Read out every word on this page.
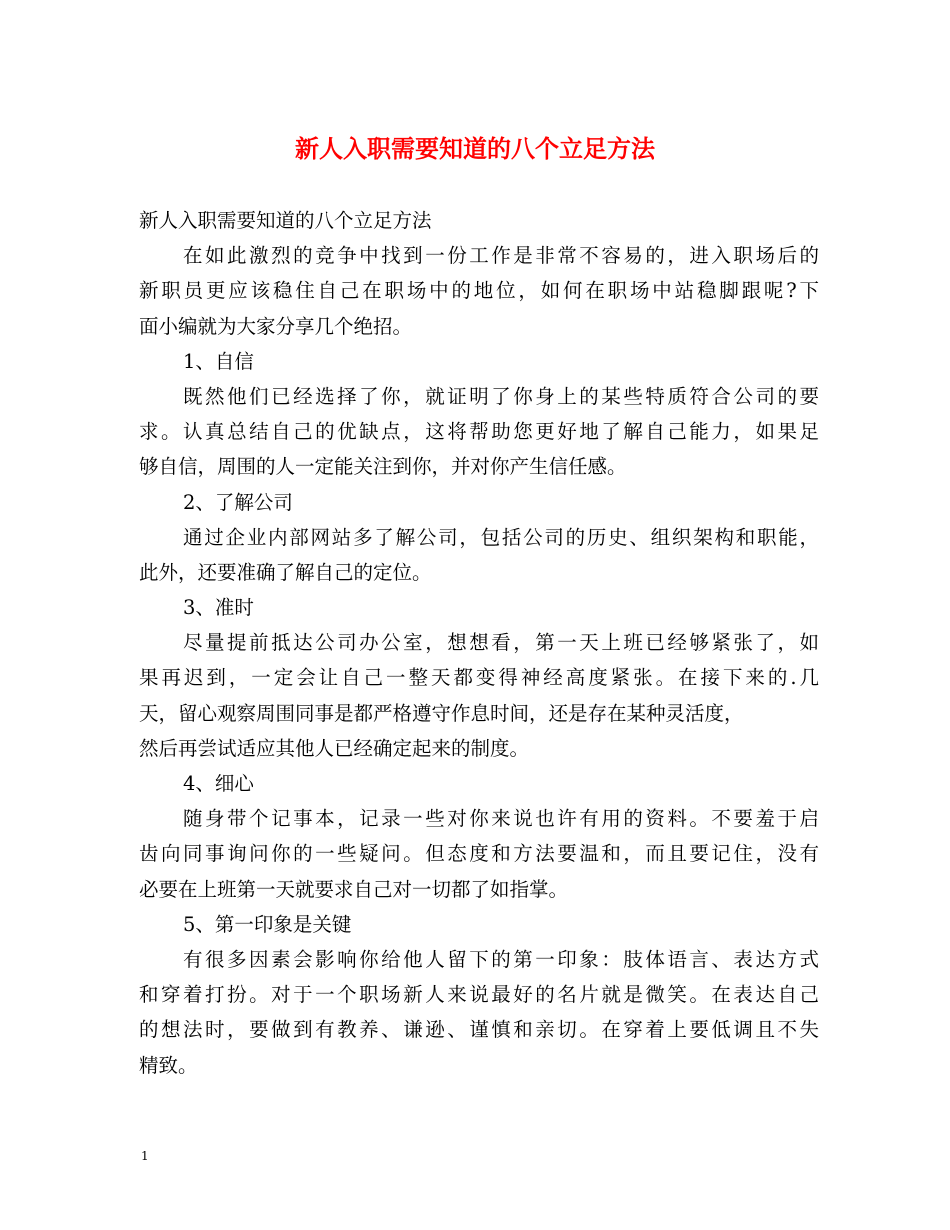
新人入职需要知道的八个立足方法

新人入职需要知道的八个立足方法

在如此激烈的竞争中找到一份工作是非常不容易的，进入职场后的

新职员更应该稳住自己在职场中的地位，如何在职场中站稳脚跟呢?下

面小编就为大家分享几个绝招。

1、自信

既然他们已经选择了你，就证明了你身上的某些特质符合公司的要

求。认真总结自己的优缺点，这将帮助您更好地了解自己能力，如果足

够自信，周围的人一定能关注到你，并对你产生信任感。

2、了解公司

通过企业内部网站多了解公司，包括公司的历史、组织架构和职能，

此外，还要准确了解自己的定位。

3、准时

尽量提前抵达公司办公室，想想看，第一天上班已经够紧张了，如

果再迟到，一定会让自己一整天都变得神经高度紧张。在接下来的.几

天，留心观察周围同事是都严格遵守作息时间，还是存在某种灵活度，

然后再尝试适应其他人已经确定起来的制度。

4、细心

随身带个记事本，记录一些对你来说也许有用的资料。不要羞于启

齿向同事询问你的一些疑问。但态度和方法要温和，而且要记住，没有

必要在上班第一天就要求自己对一切都了如指掌。

5、第一印象是关键

有很多因素会影响你给他人留下的第一印象：肢体语言、表达方式

和穿着打扮。对于一个职场新人来说最好的名片就是微笑。在表达自己

的想法时，要做到有教养、谦逊、谨慎和亲切。在穿着上要低调且不失

精致。

1
